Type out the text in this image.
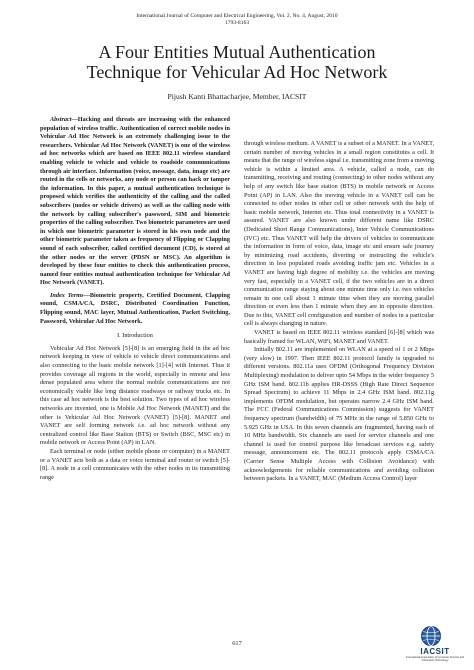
International Journal of Computer and Electrical Engineering, Vol. 2, No. 4, August, 2010
1793-8163
A Four Entities Mutual Authentication
Technique for Vehicular Ad Hoc Network
Pijush Kanti Bhattacharjee, Member, IACSIT

Abstract—Hacking and threats are increasing with the enhanced population of wireless traffic. Authentication of correct mobile nodes in Vehicular Ad Hoc Network is an extremely challenging issue to the researchers. Vehicular Ad Hoc Network (VANET) is one of the wireless ad hoc networks which are based on IEEE 802.11 wireless standard enabling vehicle to vehicle and vehicle to roadside communications through air interface. Information (voice, message, data, image etc) are routed in the cells or networks, any node or person can hack or tamper the information. In this paper, a mutual authentication technique is proposed which verifies the authenticity of the calling and the called subscribers (nodes or vehicle drivers) as well as the calling node with the network by calling subscriber's password, SIM and biometric properties of the calling subscriber. Two biometric parameters are used in which one biometric parameter is stored in his own node and the other biometric parameter taken as frequency of Flipping or Clapping sound of each subscriber, called certified document (CD), is stored at the other nodes or the server (PDSN or MSC). An algorithm is developed by these four entities to check this authentication process, named four entities mutual authentication technique for Vehicular Ad Hoc Network (VANET).

Index Terms—Biometric property, Certified Document, Clapping sound, CSMA/CA, DSRC, Distributed Coordination Function, Flipping sound, MAC layer, Mutual Authentication, Packet Switching, Password, Vehicular Ad Hoc Network.

I. Introduction

Vehicular Ad Hoc Network [5]-[8] is an emerging field in the ad hoc network keeping in view of vehicle to vehicle direct communications and also connecting to the basic mobile network [1]-[4] with Internet. Thus it provides coverage all regions in the world, especially in remote and less dense populated area where the normal mobile communications are not economically viable like long distance roadways or railway trucks etc. In this case ad hoc network is the best solution. Two types of ad hoc wireless networks are invented, one is Mobile Ad Hoc Network (MANET) and the other is Vehicular Ad Hoc Network (VANET) [5]-[8]. MANET and VANET are self forming network i.e. ad hoc network without any centralized control like Base Station (BTS) or Switch (BSC, MSC etc) in mobile network or Access Point (AP) in LAN.

Each terminal or node (either mobile phone or computer) in a MANET or a VANET acts both as a data or voice terminal and router or switch [5]-[8]. A node in a cell communicates with the other nodes in its transmitting range

through wireless medium. A VANET is a subset of a MANET. In a VANET, certain number of moving vehicles in a small region constitutes a cell. It means that the range of wireless signal i.e. transmitting zone from a moving vehicle is within a limited area. A vehicle, called a node, can do transmitting, receiving and routing (connecting) to other nodes without any help of any switch like base station (BTS) in mobile network or Access Point (AP) in LAN. Also the moving vehicle in a VANET cell can be connected to other nodes in other cell or other network with the help of basic mobile network, Internet etc. Thus total connectivity in a VANET is assured. VANET are also known under different name like DSRC (Dedicated Short Range Communications), Inter Vehicle Communications (IVC) etc. Thus VANET will help the drivers of vehicles to communicate the information in form of voice, data, image etc and ensure safe journey by minimizing road accidents, diverting or instructing the vehicle's direction in less populated roads avoiding traffic jam etc. Vehicles in a VANET are having high degree of mobility i.e. the vehicles are moving very fast, especially in a VANET cell, if the two vehicles are in a direct communication range staying about one minute time only i.e. two vehicles remain in one cell about 1 minute time when they are moving parallel direction or even less than 1 minute when they are in opposite direction. Due to this, VANET cell configuration and number of nodes in a particular cell is always changing in nature.

VANET is based on IEEE 802.11 wireless standard [6]-[8] which was basically framed for WLAN, WiFi, MANET and VANET.

Initially 802.11 are implemented on WLAN at a speed of 1 or 2 Mbps (very slow) in 1997. Then IEEE 802.11 protocol family is upgraded to different versions. 802.11a uses OFDM (Orthogonal Frequency Division Multiplexing) modulation to deliver upto 54 Mbps in the wider frequency 5 GHz ISM band. 802.11b applies HR-DSSS (High Rate Direct Sequence Spread Spectrum) to achieve 11 Mbps in 2.4 GHz ISM band. 802.11g implements OFDM modulation, but operates narrow 2.4 GHz ISM band. The FCC (Federal Communications Commission) suggests for VANET frequency spectrum (bandwidth) of 75 MHz in the range of 5.850 GHz to 5.925 GHz in USA. In this seven channels are fragmented, having each of 10 MHz bandwidth. Six channels are used for service channels and one channel is used for control purpose like broadcast services e.g. safety message, announcement etc. The 802.11 protocols apply CSMA/CA (Carrier Sense Multiple Access with Collision Avoidance) with acknowledgements for reliable communications and avoiding collision between packets. In a VANET, MAC (Medium Access Control) layer

617
IACSIT
International Association of Computer Science and Information Technology
